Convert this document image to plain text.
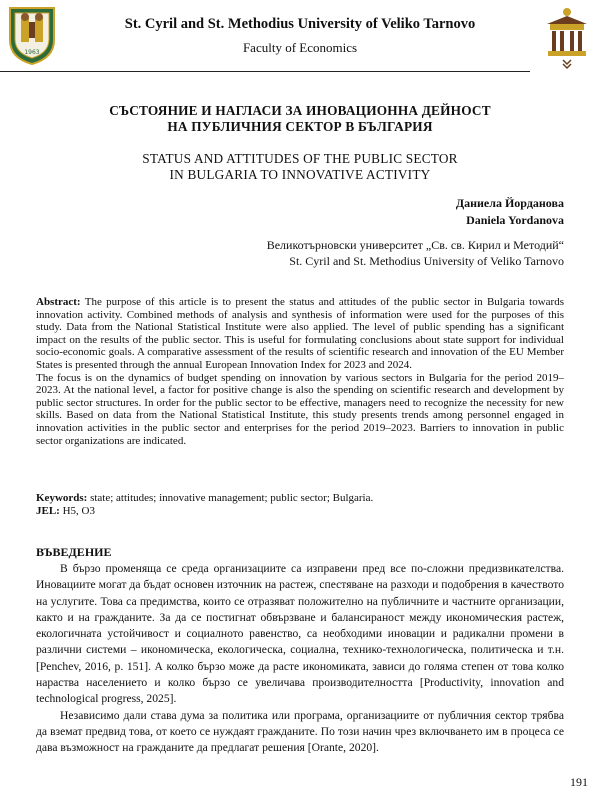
1963
St. Cyril and St. Methodius University of Veliko Tarnovo
Faculty of Economics
СЪСТОЯНИЕ И НАГЛАСИ ЗА ИНОВАЦИОННА ДЕЙНОСТ
НА ПУБЛИЧНИЯ СЕКТОР В БЪЛГАРИЯ
STATUS AND ATTITUDES OF THE PUBLIC SECTOR
IN BULGARIA TO INNOVATIVE ACTIVITY
Даниела Йорданова
Daniela Yordanova
Великотърновски университет „Св. св. Кирил и Методий“
St. Cyril and St. Methodius University of Veliko Tarnovo

Abstract: The purpose of this article is to present the status and attitudes of the public sector in Bulgaria towards innovation activity. Combined methods of analysis and synthesis of information were used for the purposes of this study. Data from the National Statistical Institute were also applied. The level of public spending has a significant impact on the results of the public sector. This is useful for formulating conclusions about state support for individual socio-economic goals. A comparative assessment of the results of scientific research and innovation of the EU Member States is presented through the annual European Innovation Index for 2023 and 2024.

The focus is on the dynamics of budget spending on innovation by various sectors in Bulgaria for the period 2019–2023. At the national level, a factor for positive change is also the spending on scientific research and development by public sector structures. In order for the public sector to be effective, managers need to recognize the necessity for new skills. Based on data from the National Statistical Institute, this study presents trends among personnel engaged in innovation activities in the public sector and enterprises for the period 2019–2023. Barriers to innovation in public sector organizations are indicated.

Keywords: state; attitudes; innovative management; public sector; Bulgaria.
JEL: H5, O3
ВЪВЕДЕНИЕ

В бързо променяща се среда организациите са изправени пред все по-сложни предизвикателства. Иновациите могат да бъдат основен източник на растеж, спестяване на разходи и подобрения в качеството на услугите. Това са предимства, които се отразяват положително на публичните и частните организации, както и на гражданите. За да се постигнат обвързване и балансираност между икономическия растеж, екологичната устойчивост и социалното равенство, са необходими иновации и радикални промени в различни системи – икономическа, екологическа, социална, технико-технологическа, политическа и т.н. [Penchev, 2016, p. 151]. А колко бързо може да расте икономиката, зависи до голяма степен от това колко нараства населението и колко бързо се увеличава производителността [Productivity, innovation and technological progress, 2025].

Независимо дали става дума за политика или програма, организациите от публичния сектор трябва да вземат предвид това, от което се нуждаят гражданите. По този начин чрез включването им в процеса се дава възможност на гражданите да предлагат решения [Orante, 2020].

191
